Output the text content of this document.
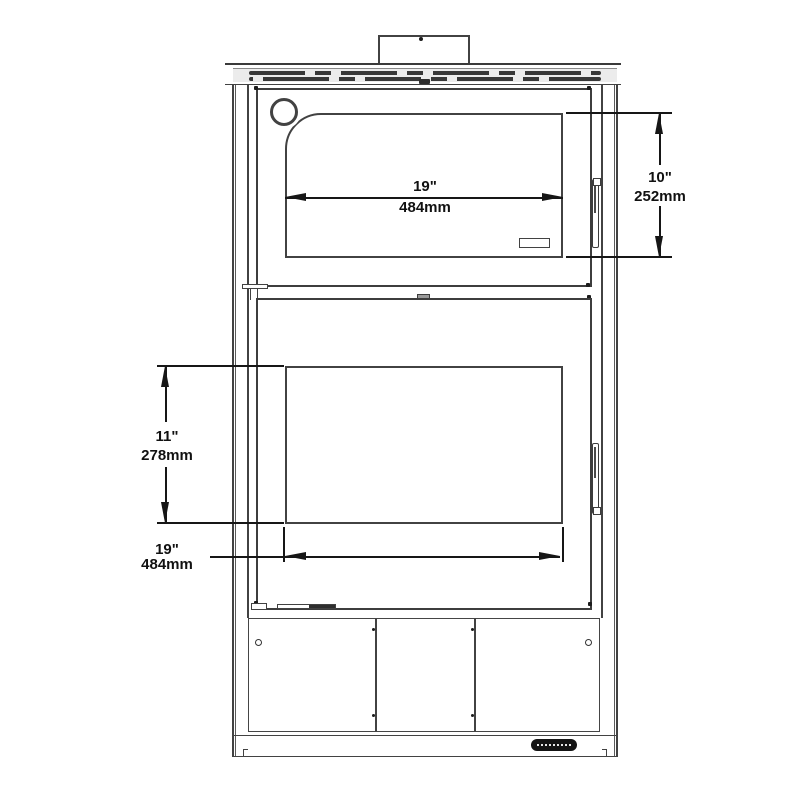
19"
484mm
10"
252mm
11"
278mm
19"
484mm
